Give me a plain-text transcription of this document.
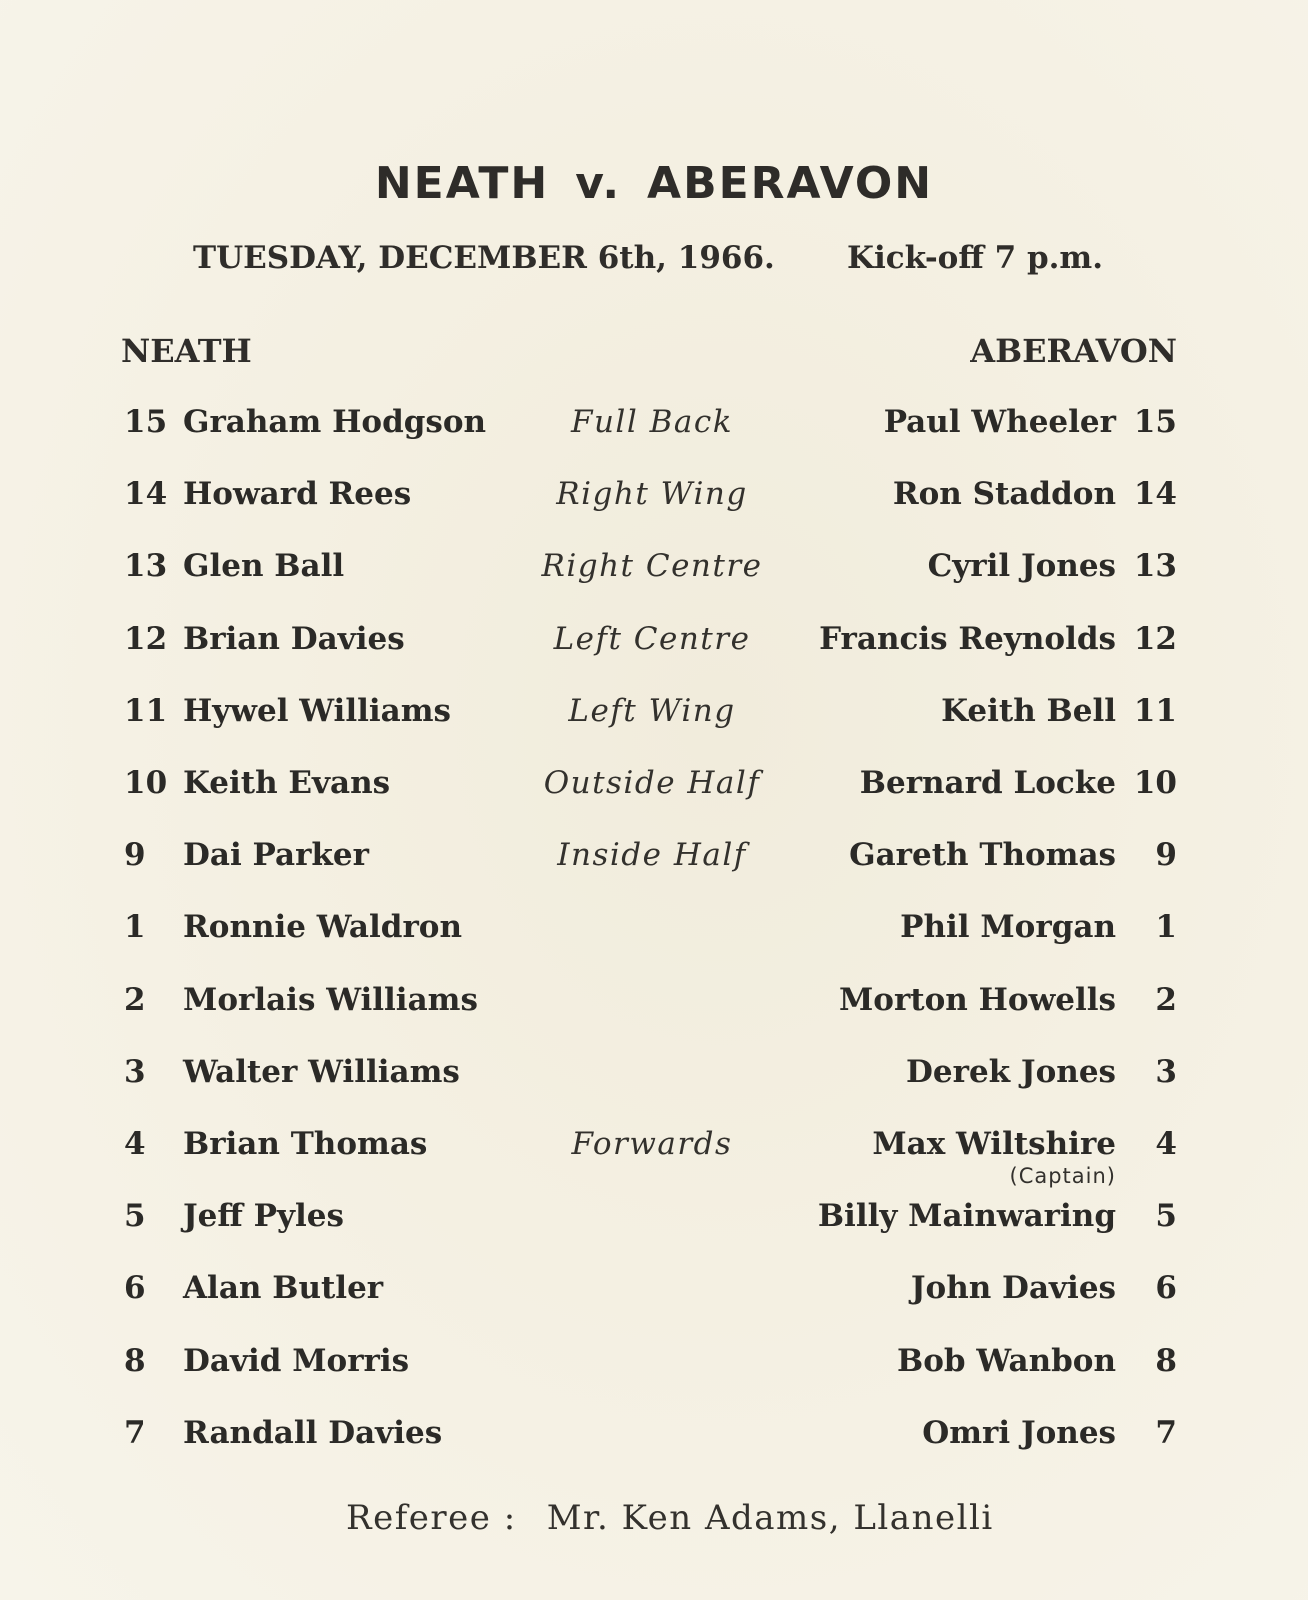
NEATH v. ABERAVON
TUESDAY, DECEMBER 6th, 1966. Kick-off 7 p.m.
NEATH	ABERAVON
15 Graham Hodgson	Full Back	Paul Wheeler 15
14 Howard Rees	Right Wing	Ron Staddon 14
13 Glen Ball	Right Centre	Cyril Jones 13
12 Brian Davies	Left Centre	Francis Reynolds 12
11 Hywel Williams	Left Wing	Keith Bell 11
10 Keith Evans	Outside Half	Bernard Locke 10
9	Dai Parker	Inside Half	Gareth Thomas 9
1	Ronnie Waldron	Phil Morgan 1
2	Morlais Williams	Morton Howells 2
3	Walter Williams	Derek Jones 3
4	Brian Thomas	Forwards	Max Wiltshire 4
(Captain)
5	Jeff Pyles	Billy Mainwaring 5
6	Alan Butler	John Davies 6
8	David Morris	Bob Wanbon 8
7	Randall Davies	Omri Jones 7
Referee : Mr. Ken Adams, Llanelli
